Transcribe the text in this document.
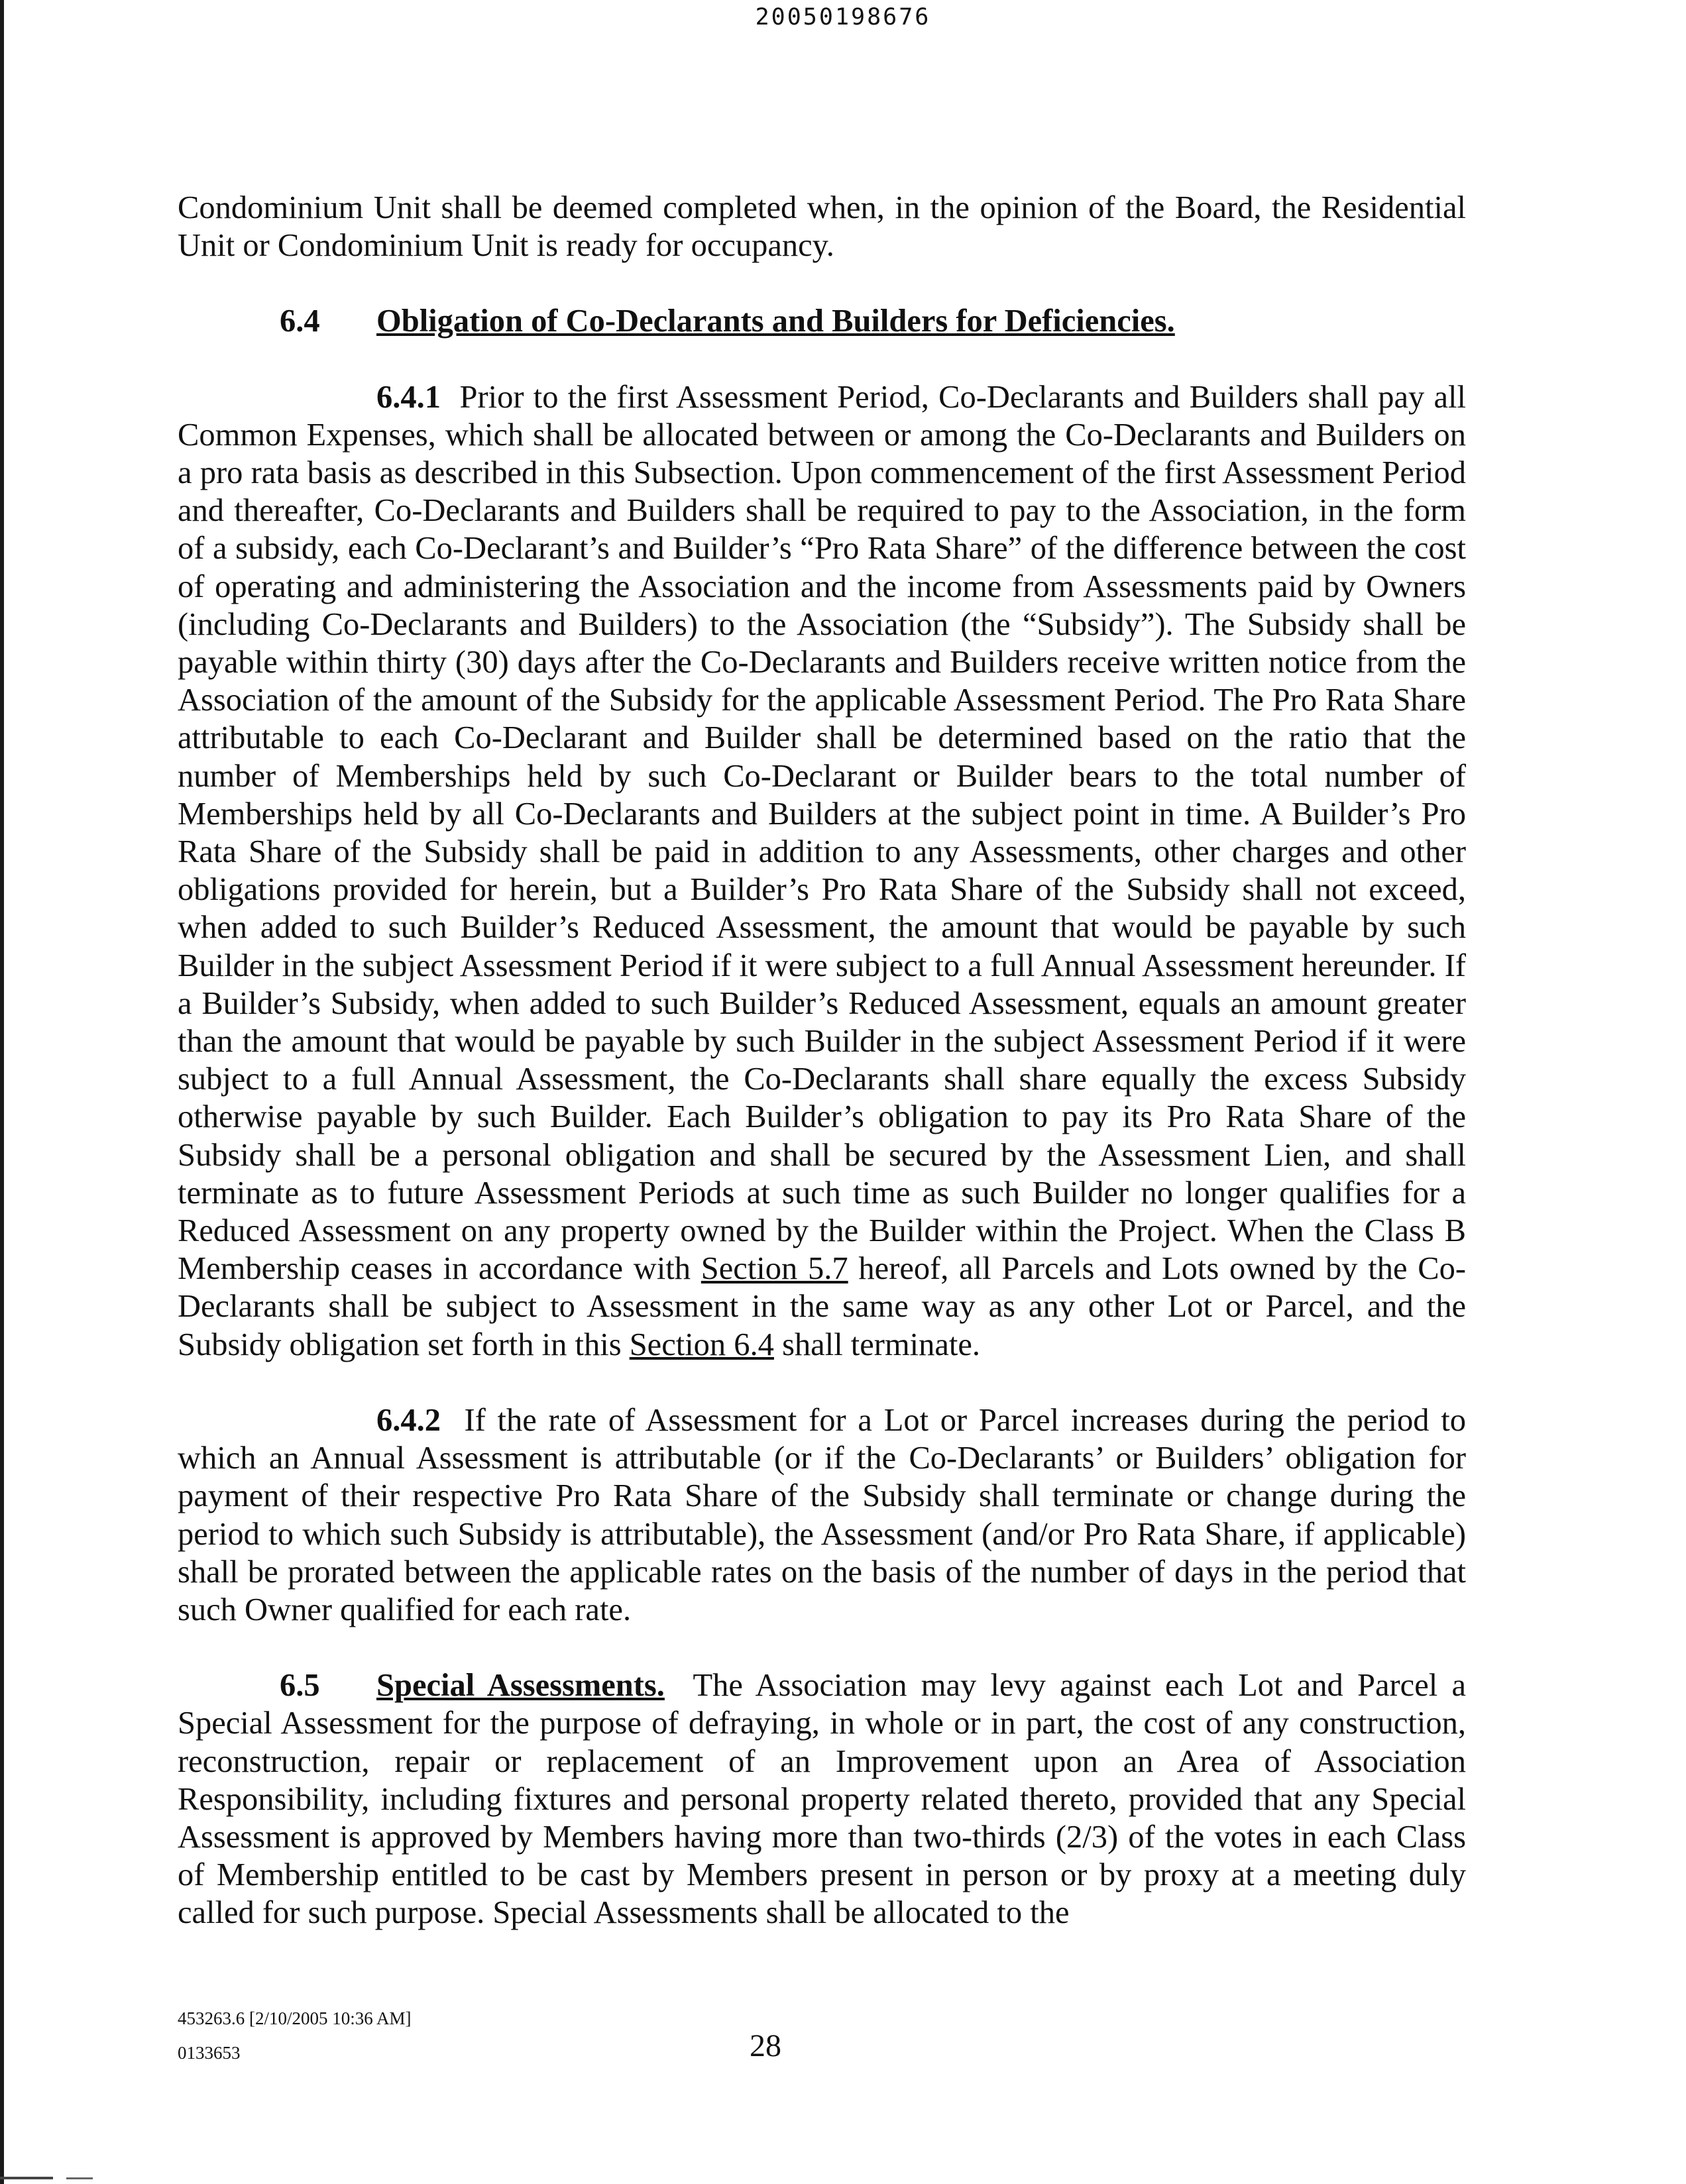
20050198676

Condominium Unit shall be deemed completed when, in the opinion of the Board, the Residential Unit or Condominium Unit is ready for occupancy.

6.4 Obligation of Co-Declarants and Builders for Deficiencies.

6.4.1 Prior to the first Assessment Period, Co-Declarants and Builders shall pay all Common Expenses, which shall be allocated between or among the Co-Declarants and Builders on a pro rata basis as described in this Subsection. Upon commencement of the first Assessment Period and thereafter, Co-Declarants and Builders shall be required to pay to the Association, in the form of a subsidy, each Co-Declarant’s and Builder’s “Pro Rata Share” of the difference between the cost of operating and administering the Association and the income from Assessments paid by Owners (including Co-Declarants and Builders) to the Association (the “Subsidy”). The Subsidy shall be payable within thirty (30) days after the Co-Declarants and Builders receive written notice from the Association of the amount of the Subsidy for the applicable Assessment Period. The Pro Rata Share attributable to each Co-Declarant and Builder shall be determined based on the ratio that the number of Memberships held by such Co-Declarant or Builder bears to the total number of Memberships held by all Co-Declarants and Builders at the subject point in time. A Builder’s Pro Rata Share of the Subsidy shall be paid in addition to any Assessments, other charges and other obligations provided for herein, but a Builder’s Pro Rata Share of the Subsidy shall not exceed, when added to such Builder’s Reduced Assessment, the amount that would be payable by such Builder in the subject Assessment Period if it were subject to a full Annual Assessment hereunder. If a Builder’s Subsidy, when added to such Builder’s Reduced Assessment, equals an amount greater than the amount that would be payable by such Builder in the subject Assessment Period if it were subject to a full Annual Assessment, the Co-Declarants shall share equally the excess Subsidy otherwise payable by such Builder. Each Builder’s obligation to pay its Pro Rata Share of the Subsidy shall be a personal obligation and shall be secured by the Assessment Lien, and shall terminate as to future Assessment Periods at such time as such Builder no longer qualifies for a Reduced Assessment on any property owned by the Builder within the Project. When the Class B Membership ceases in accordance with Section 5.7 hereof, all Parcels and Lots owned by the Co-Declarants shall be subject to Assessment in the same way as any other Lot or Parcel, and the Subsidy obligation set forth in this Section 6.4 shall terminate.

6.4.2 If the rate of Assessment for a Lot or Parcel increases during the period to which an Annual Assessment is attributable (or if the Co-Declarants’ or Builders’ obligation for payment of their respective Pro Rata Share of the Subsidy shall terminate or change during the period to which such Subsidy is attributable), the Assessment (and/or Pro Rata Share, if applicable) shall be prorated between the applicable rates on the basis of the number of days in the period that such Owner qualified for each rate.

6.5 Special Assessments. The Association may levy against each Lot and Parcel a Special Assessment for the purpose of defraying, in whole or in part, the cost of any construction, reconstruction, repair or replacement of an Improvement upon an Area of Association Responsibility, including fixtures and personal property related thereto, provided that any Special Assessment is approved by Members having more than two-thirds (2/3) of the votes in each Class of Membership entitled to be cast by Members present in person or by proxy at a meeting duly called for such purpose. Special Assessments shall be allocated to the

453263.6 [2/10/2005 10:36 AM]
0133653	28
